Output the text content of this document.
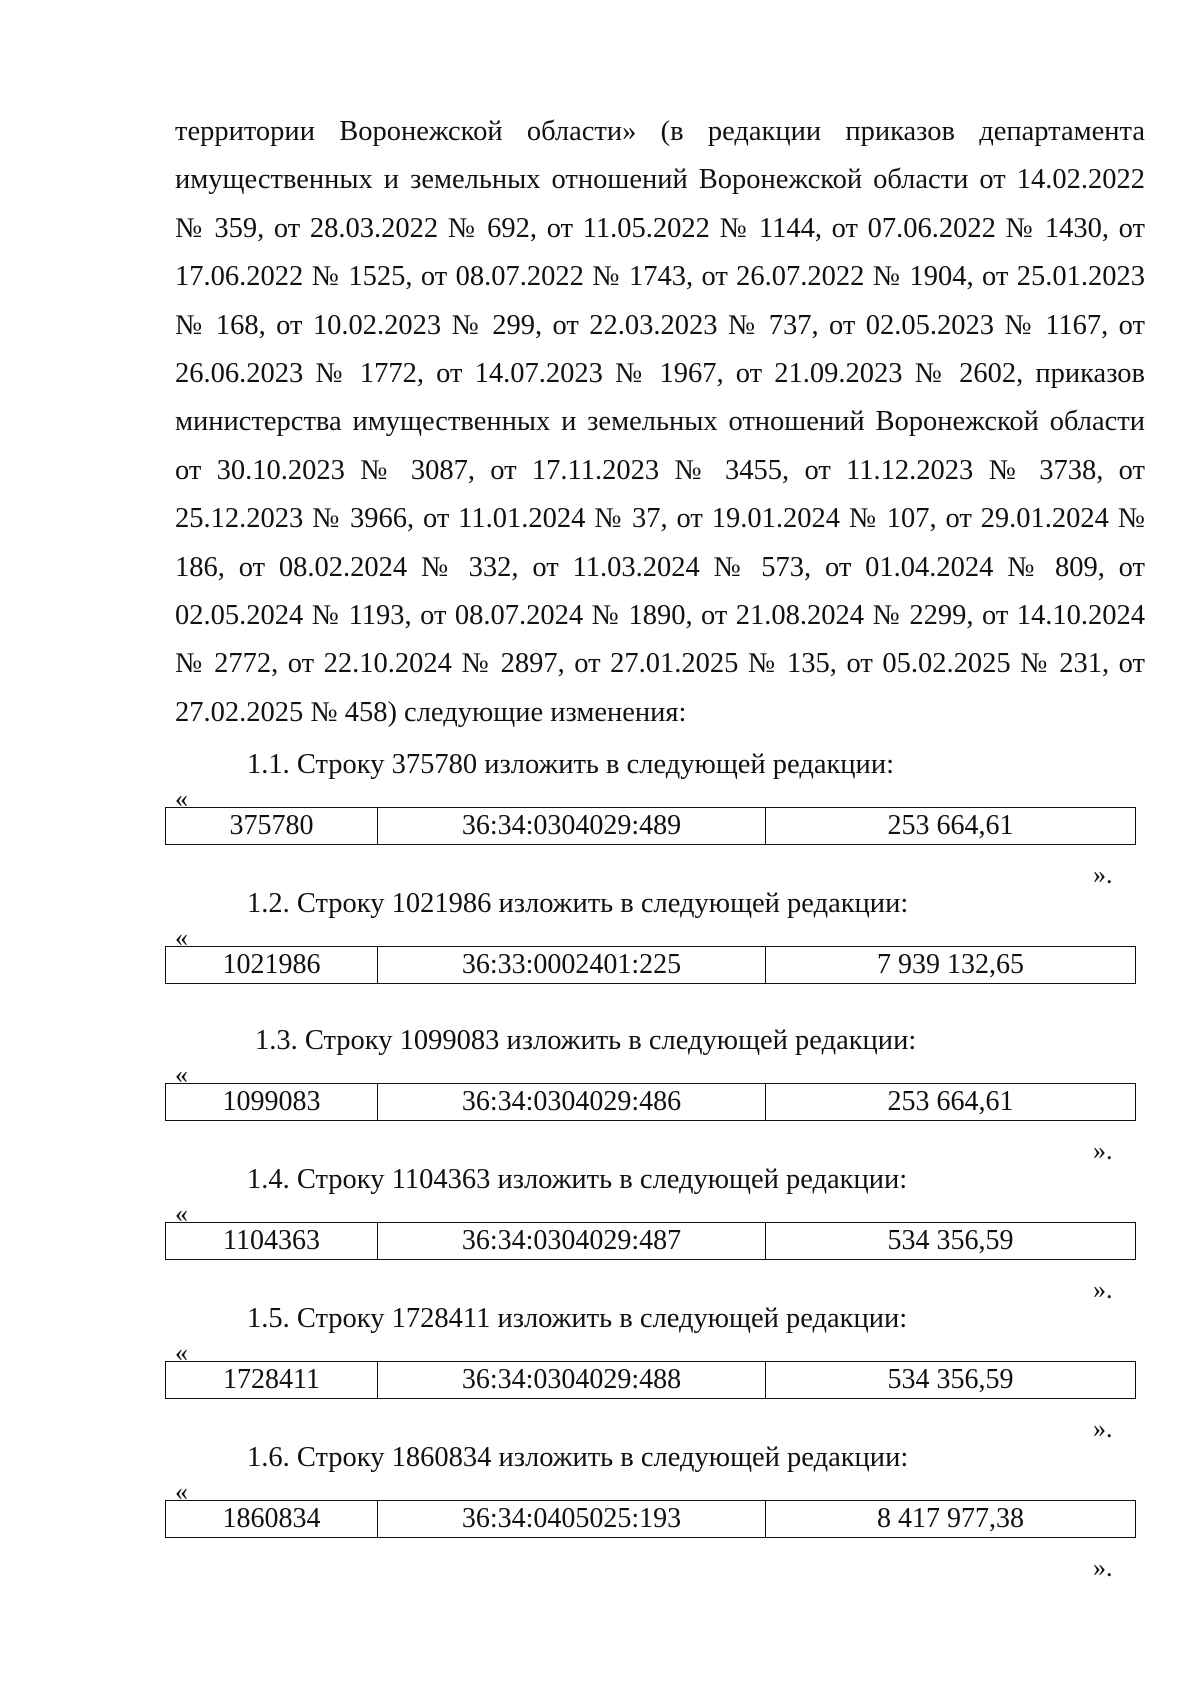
территории Воронежской области» (в редакции приказов департамента имущественных и земельных отношений Воронежской области от 14.02.2022 № 359, от 28.03.2022 № 692, от 11.05.2022 № 1144, от 07.06.2022 № 1430, от 17.06.2022 № 1525, от 08.07.2022 № 1743, от 26.07.2022 № 1904, от 25.01.2023 № 168, от 10.02.2023 № 299, от 22.03.2023 № 737, от 02.05.2023 № 1167, от 26.06.2023 № 1772, от 14.07.2023 № 1967, от 21.09.2023 № 2602, приказов министерства имущественных и земельных отношений Воронежской области от 30.10.2023 № 3087, от 17.11.2023 № 3455, от 11.12.2023 № 3738, от 25.12.2023 № 3966, от 11.01.2024 № 37, от 19.01.2024 № 107, от 29.01.2024 № 186, от 08.02.2024 № 332, от 11.03.2024 № 573, от 01.04.2024 № 809, от 02.05.2024 № 1193, от 08.07.2024 № 1890, от 21.08.2024 № 2299, от 14.10.2024 № 2772, от 22.10.2024 № 2897, от 27.01.2025 № 135, от 05.02.2025 № 231, от 27.02.2025 № 458) следующие изменения:

1.1. Строку 375780 изложить в следующей редакции:
«
375780	36:34:0304029:489	253 664,61
».
1.2. Строку 1021986 изложить в следующей редакции:
«
1021986	36:33:0002401:225	7 939 132,65
1.3. Строку 1099083 изложить в следующей редакции:
«
1099083	36:34:0304029:486	253 664,61
».
1.4. Строку 1104363 изложить в следующей редакции:
«
1104363	36:34:0304029:487	534 356,59
».
1.5. Строку 1728411 изложить в следующей редакции:
«
1728411	36:34:0304029:488	534 356,59
».
1.6. Строку 1860834 изложить в следующей редакции:
«
1860834	36:34:0405025:193	8 417 977,38
».
